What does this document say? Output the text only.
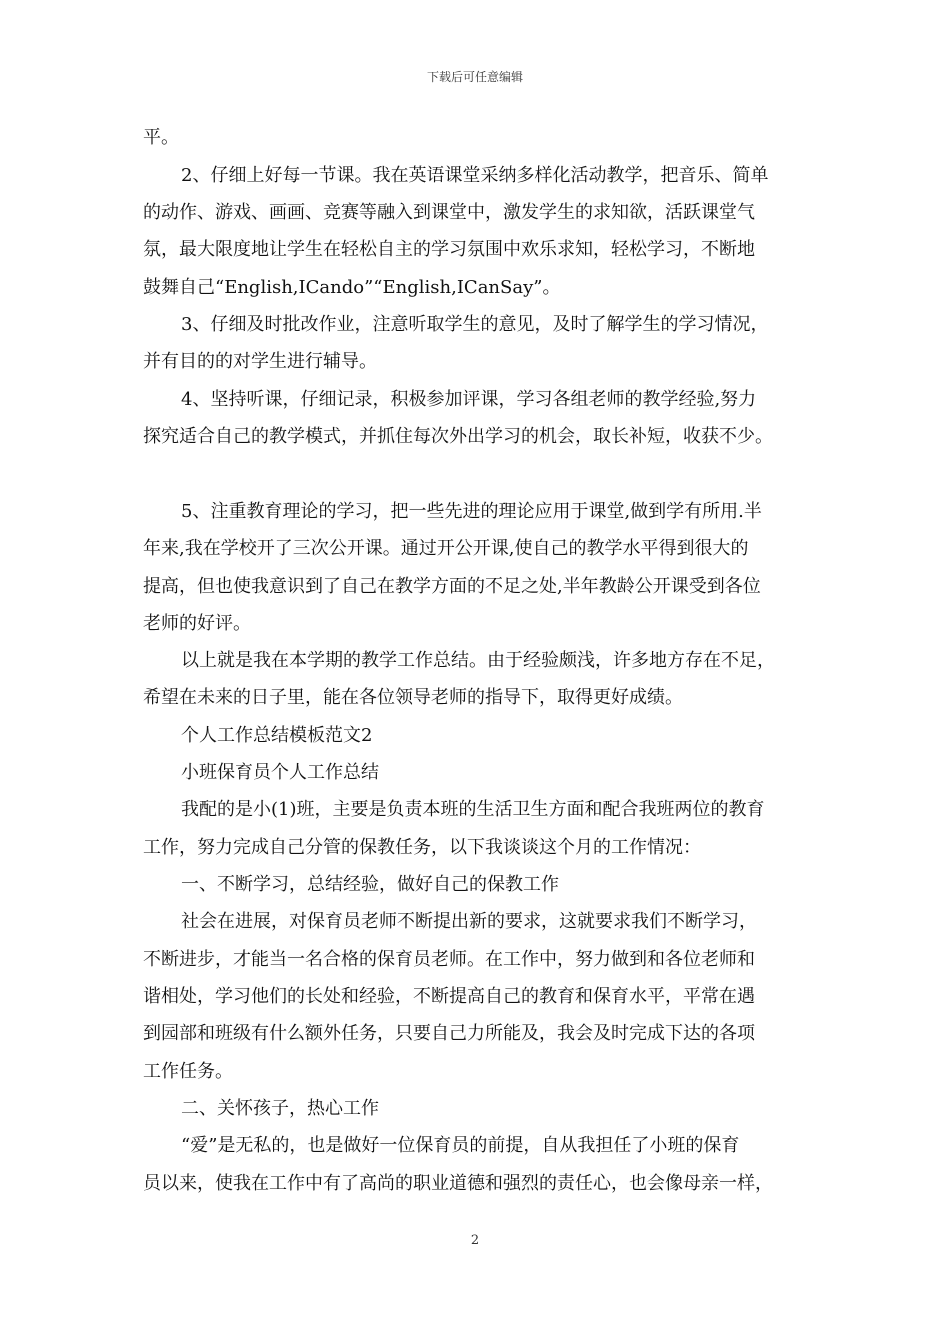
下载后可任意编辑
平。
2、仔细上好每一节课。我在英语课堂采纳多样化活动教学，把音乐、简单
的动作、游戏、画画、竞赛等融入到课堂中，激发学生的求知欲，活跃课堂气
氛，最大限度地让学生在轻松自主的学习氛围中欢乐求知，轻松学习，不断地
鼓舞自己“English,ICando”“English,ICanSay”。
3、仔细及时批改作业，注意听取学生的意见，及时了解学生的学习情况，
并有目的的对学生进行辅导。
4、坚持听课，仔细记录，积极参加评课，学习各组老师的教学经验,努力
探究适合自己的教学模式，并抓住每次外出学习的机会，取长补短，收获不少。
5、注重教育理论的学习，把一些先进的理论应用于课堂,做到学有所用.半
年来,我在学校开了三次公开课。通过开公开课,使自己的教学水平得到很大的
提高，但也使我意识到了自己在教学方面的不足之处,半年教龄公开课受到各位
老师的好评。
以上就是我在本学期的教学工作总结。由于经验颇浅，许多地方存在不足，
希望在未来的日子里，能在各位领导老师的指导下，取得更好成绩。
个人工作总结模板范文2
小班保育员个人工作总结
我配的是小(1)班，主要是负责本班的生活卫生方面和配合我班两位的教育
工作，努力完成自己分管的保教任务，以下我谈谈这个月的工作情况：
一、不断学习，总结经验，做好自己的保教工作
社会在进展，对保育员老师不断提出新的要求，这就要求我们不断学习，
不断进步，才能当一名合格的保育员老师。在工作中，努力做到和各位老师和
谐相处，学习他们的长处和经验，不断提高自己的教育和保育水平，平常在遇
到园部和班级有什么额外任务，只要自己力所能及，我会及时完成下达的各项
工作任务。
二、关怀孩子，热心工作
“爱”是无私的，也是做好一位保育员的前提，自从我担任了小班的保育
员以来，使我在工作中有了高尚的职业道德和强烈的责任心，也会像母亲一样，
2
